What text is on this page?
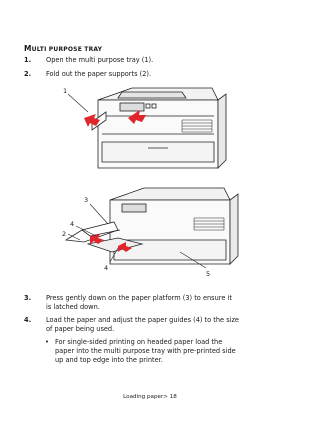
MULTI PURPOSE TRAY
1. Open the multi purpose tray (1).
2. Fold out the paper supports (2).
1
3
4
2
4
5
3. Press gently down on the paper platform (3) to ensure it
is latched down.
4. Load the paper and adjust the paper guides (4) to the size
of paper being used.
• For single-sided printing on headed paper load the
paper into the multi purpose tray with pre-printed side
up and top edge into the printer.
Loading paper> 18
